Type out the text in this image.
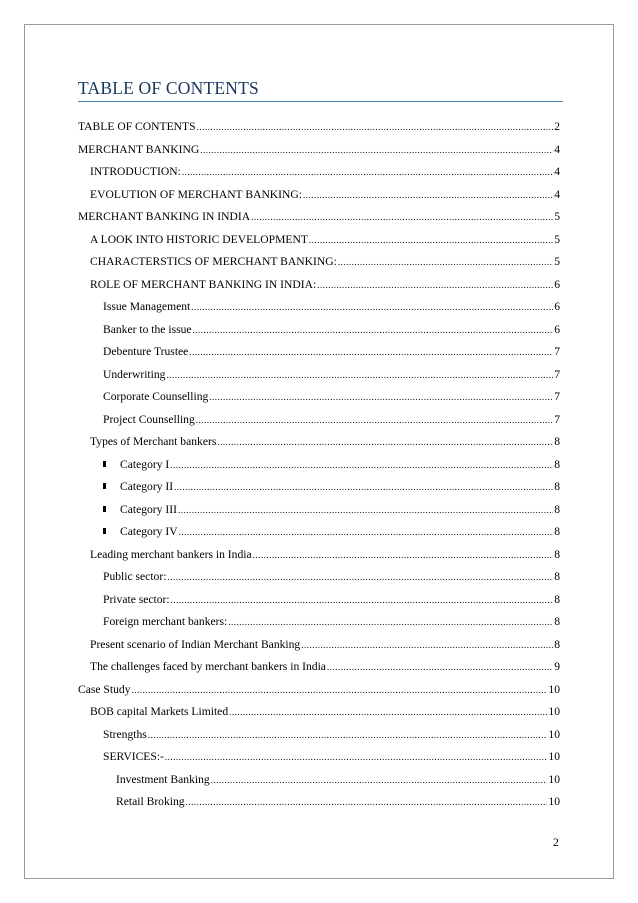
TABLE OF CONTENTS
TABLE OF CONTENTS .....	2
MERCHANT BANKING .....	4
INTRODUCTION: .....	4
EVOLUTION OF MERCHANT BANKING: .....	4
MERCHANT BANKING IN INDIA .....	5
A LOOK INTO HISTORIC DEVELOPMENT .....	5
CHARACTERSTICS OF MERCHANT BANKING: .....	5
ROLE OF MERCHANT BANKING IN INDIA: .....	6
Issue Management .....	6
Banker to the issue .....	6
Debenture Trustee .....	7
Underwriting .....	7
Corporate Counselling .....	7
Project Counselling .....	7
Types of Merchant bankers .....	8
Category I .....	8
Category II .....	8
Category III .....	8
Category IV .....	8
Leading merchant bankers in India .....	8
Public sector: .....	8
Private sector: .....	8
Foreign merchant bankers: .....	8
Present scenario of Indian Merchant Banking .....	8
The challenges faced by merchant bankers in India .....	9
Case Study .....	10
BOB capital Markets Limited .....	10
Strengths .....	10
SERVICES:- .....	10
Investment Banking .....	10
Retail Broking .....	10
2
